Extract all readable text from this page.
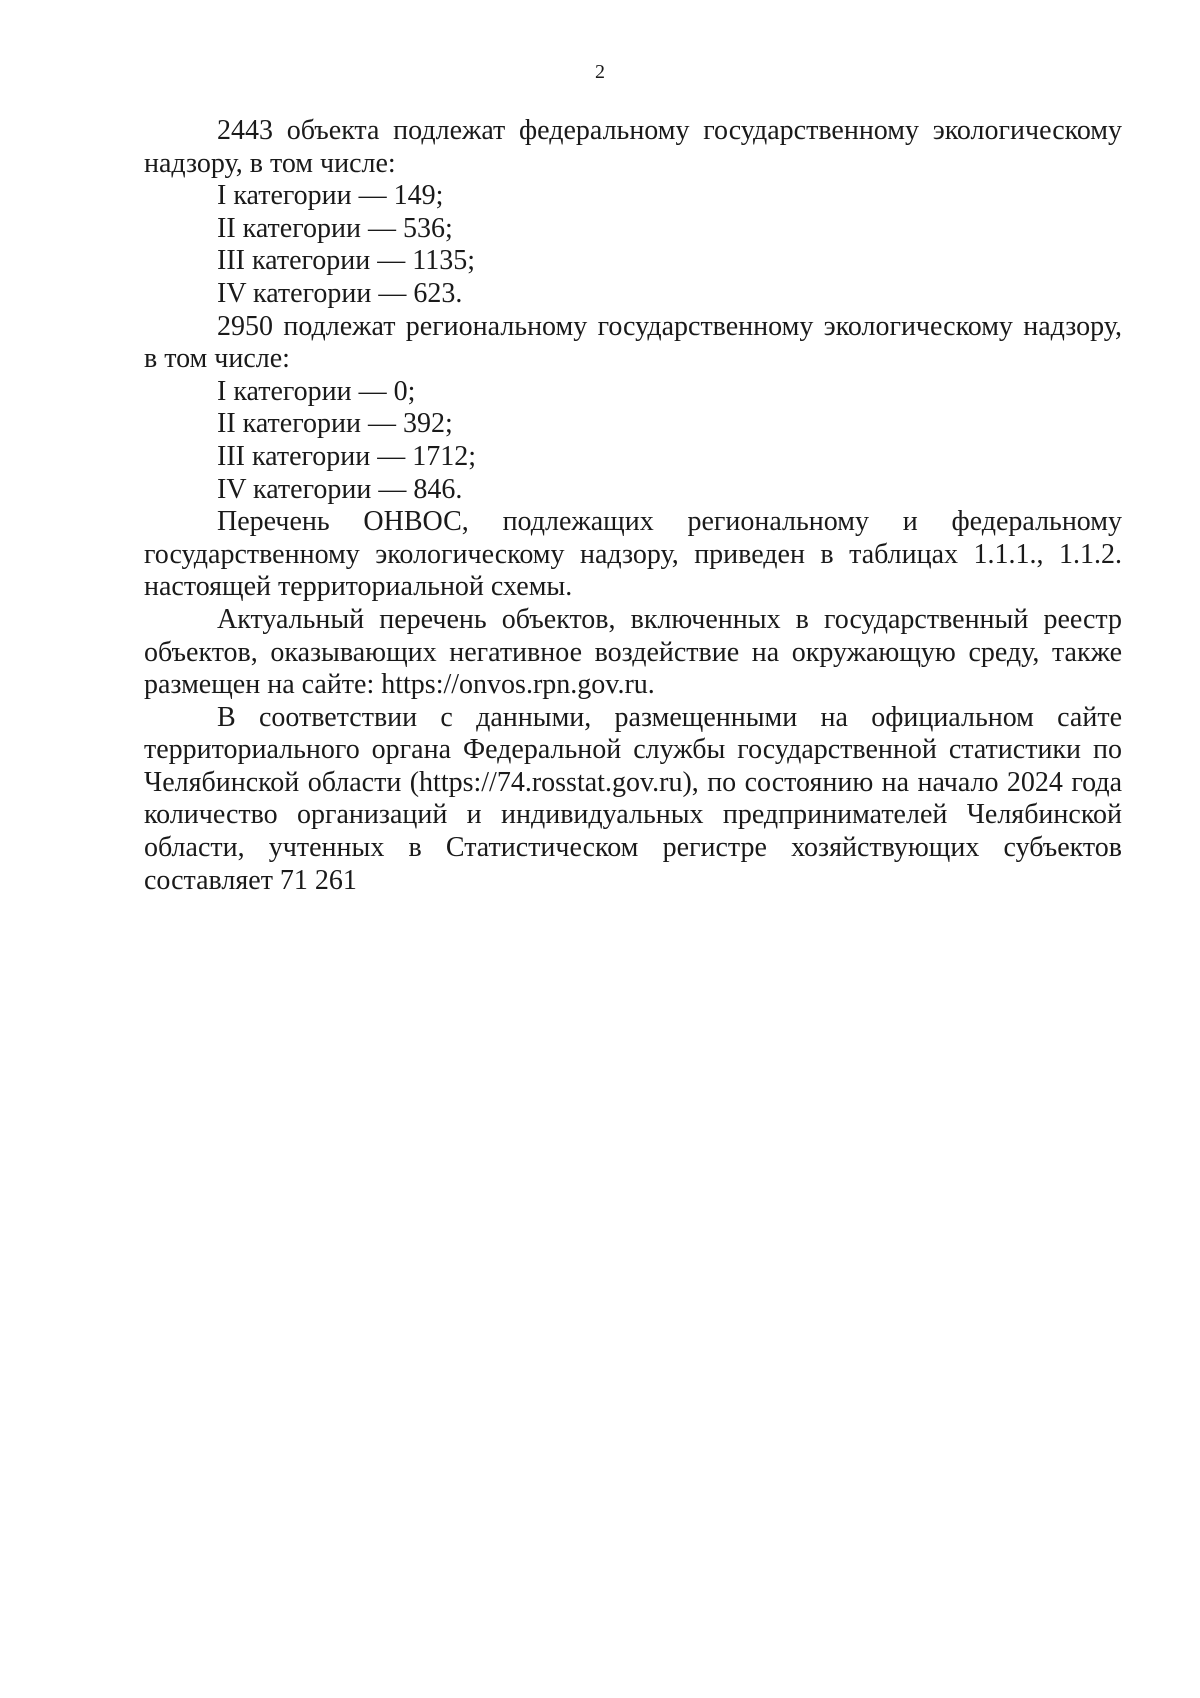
2

2443 объекта подлежат федеральному государственному экологическому надзору, в том числе:

I категории — 149;

II категории — 536;

III категории — 1135;

IV категории — 623.

2950 подлежат региональному государственному экологическому надзору, в том числе:

I категории — 0;

II категории — 392;

III категории — 1712;

IV категории — 846.

Перечень ОНВОС, подлежащих региональному и федеральному государственному экологическому надзору, приведен в таблицах 1.1.1., 1.1.2. настоящей территориальной схемы.

Актуальный перечень объектов, включенных в государственный реестр объектов, оказывающих негативное воздействие на окружающую среду, также размещен на сайте: https://onvos.rpn.gov.ru.

В соответствии с данными, размещенными на официальном сайте территориального органа Федеральной службы государственной статистики по Челябинской области (https://74.rosstat.gov.ru), по состоянию на начало 2024 года количество организаций и индивидуальных предпринимателей Челябинской области, учтенных в Статистическом регистре хозяйствующих субъектов составляет 71 261
